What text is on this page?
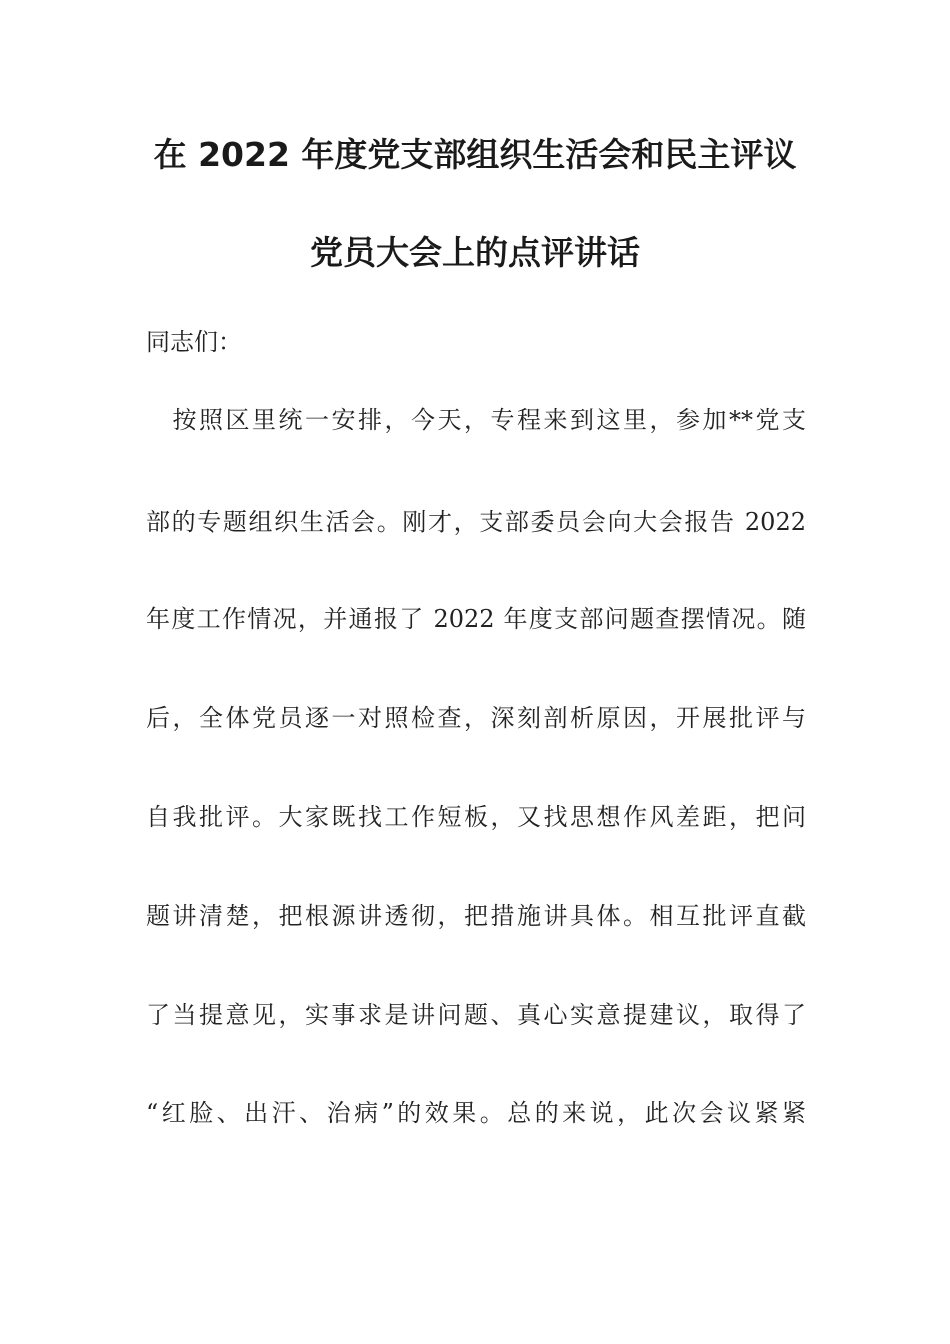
在 2022 年度党支部组织生活会和民主评议
党员大会上的点评讲话
同志们：
　按照区里统一安排，今天，专程来到这里，参加**党支
部的专题组织生活会。刚才，支部委员会向大会报告 2022
年度工作情况，并通报了 2022 年度支部问题查摆情况。随
后，全体党员逐一对照检查，深刻剖析原因，开展批评与
自我批评。大家既找工作短板，又找思想作风差距，把问
题讲清楚，把根源讲透彻，把措施讲具体。相互批评直截
了当提意见，实事求是讲问题、真心实意提建议，取得了
“红脸、出汗、治病”的效果。总的来说，此次会议紧紧
